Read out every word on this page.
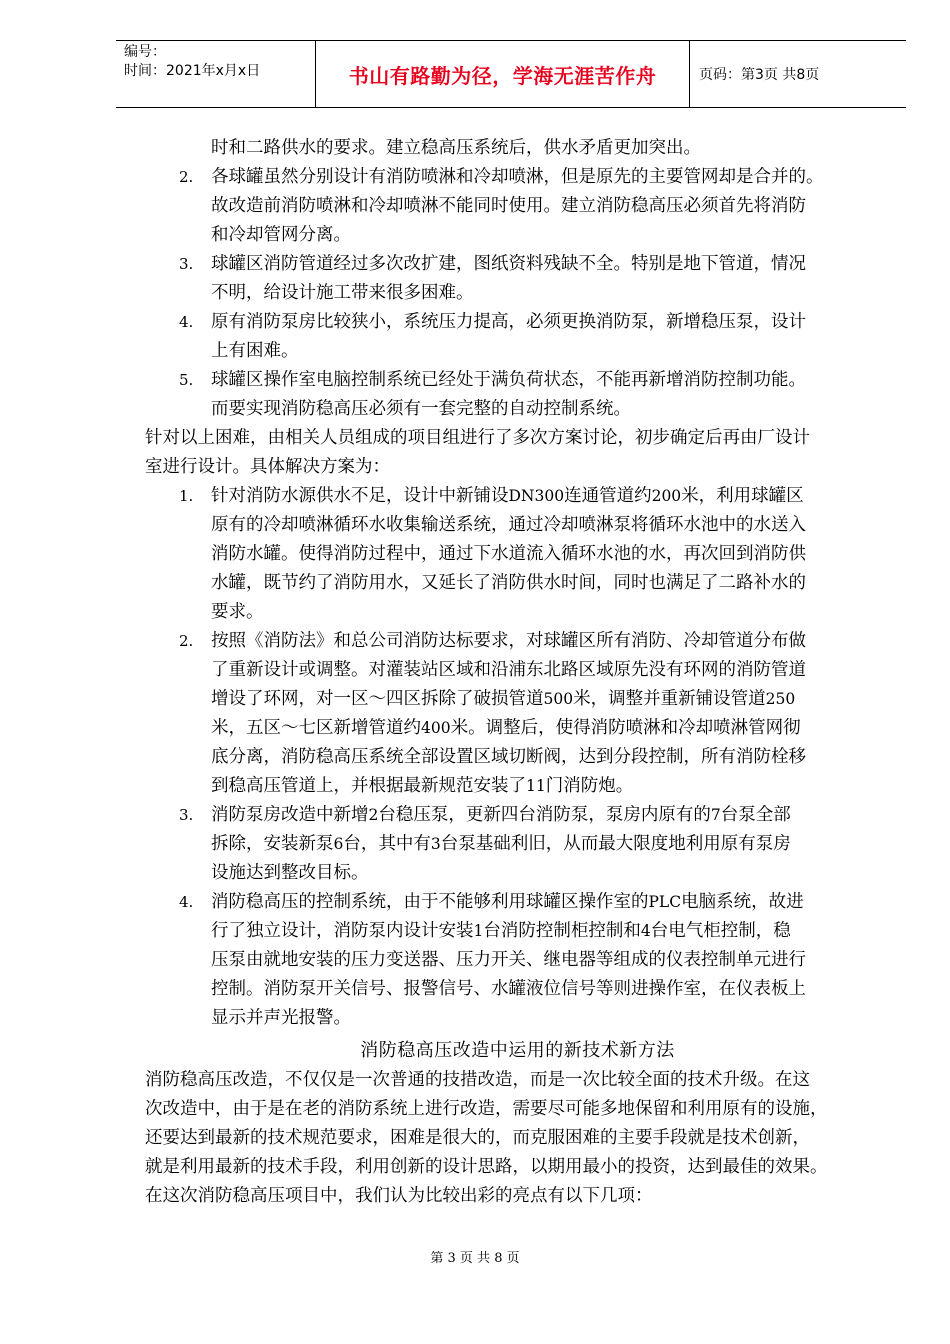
编号：
时间：2021年x月x日	书山有路勤为径，学海无涯苦作舟	页码：第3页 共8页
时和二路供水的要求。建立稳高压系统后，供水矛盾更加突出。
2. 各球罐虽然分别设计有消防喷淋和冷却喷淋，但是原先的主要管网却是合并的。
故改造前消防喷淋和冷却喷淋不能同时使用。建立消防稳高压必须首先将消防
和冷却管网分离。
3. 球罐区消防管道经过多次改扩建，图纸资料残缺不全。特别是地下管道，情况
不明，给设计施工带来很多困难。
4. 原有消防泵房比较狭小，系统压力提高，必须更换消防泵，新增稳压泵，设计
上有困难。
5. 球罐区操作室电脑控制系统已经处于满负荷状态，不能再新增消防控制功能。
而要实现消防稳高压必须有一套完整的自动控制系统。
针对以上困难，由相关人员组成的项目组进行了多次方案讨论，初步确定后再由厂设计
室进行设计。具体解决方案为：
1. 针对消防水源供水不足，设计中新铺设DN300连通管道约200米，利用球罐区
原有的冷却喷淋循环水收集输送系统，通过冷却喷淋泵将循环水池中的水送入
消防水罐。使得消防过程中，通过下水道流入循环水池的水，再次回到消防供
水罐，既节约了消防用水，又延长了消防供水时间，同时也满足了二路补水的
要求。
2. 按照《消防法》和总公司消防达标要求，对球罐区所有消防、冷却管道分布做
了重新设计或调整。对灌装站区域和沿浦东北路区域原先没有环网的消防管道
增设了环网，对一区～四区拆除了破损管道500米，调整并重新铺设管道250
米，五区～七区新增管道约400米。调整后，使得消防喷淋和冷却喷淋管网彻
底分离，消防稳高压系统全部设置区域切断阀，达到分段控制，所有消防栓移
到稳高压管道上，并根据最新规范安装了11门消防炮。
3. 消防泵房改造中新增2台稳压泵，更新四台消防泵，泵房内原有的7台泵全部
拆除，安装新泵6台，其中有3台泵基础利旧，从而最大限度地利用原有泵房
设施达到整改目标。
4. 消防稳高压的控制系统，由于不能够利用球罐区操作室的PLC电脑系统，故进
行了独立设计，消防泵内设计安装1台消防控制柜控制和4台电气柜控制，稳
压泵由就地安装的压力变送器、压力开关、继电器等组成的仪表控制单元进行
控制。消防泵开关信号、报警信号、水罐液位信号等则进操作室，在仪表板上
显示并声光报警。
消防稳高压改造中运用的新技术新方法
消防稳高压改造，不仅仅是一次普通的技措改造，而是一次比较全面的技术升级。在这
次改造中，由于是在老的消防系统上进行改造，需要尽可能多地保留和利用原有的设施，
还要达到最新的技术规范要求，困难是很大的，而克服困难的主要手段就是技术创新，
就是利用最新的技术手段，利用创新的设计思路，以期用最小的投资，达到最佳的效果。
在这次消防稳高压项目中，我们认为比较出彩的亮点有以下几项：
第 3 页 共 8 页
